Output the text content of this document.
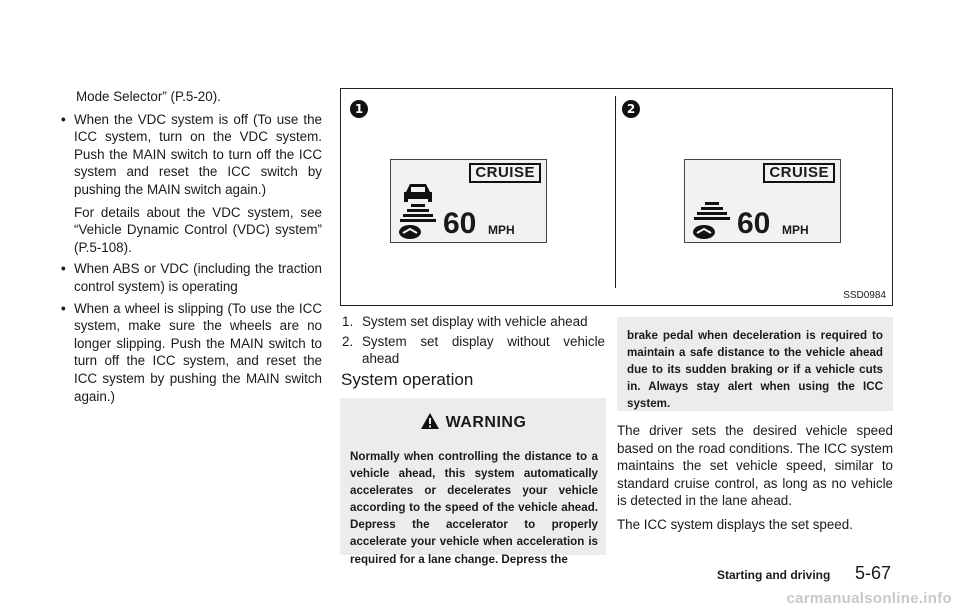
Mode Selector” (P.5-20).

• When the VDC system is off (To use the ICC system, turn on the VDC system. Push the MAIN switch to turn off the ICC system and reset the ICC switch by pushing the MAIN switch again.)
For details about the VDC system, see “Vehicle Dynamic Control (VDC) system” (P.5-108).
• When ABS or VDC (including the traction control system) is operating
• When a wheel is slipping (To use the ICC system, make sure the wheels are no longer slipping. Push the MAIN switch to turn off the ICC system, and reset the ICC system by pushing the MAIN switch again.)
1	2
CRUISE
60 MPH
CRUISE
60 MPH
SSD0984
1. System set display with vehicle ahead
2. System set display without vehicle ahead
System operation
WARNING
Normally when controlling the distance to a vehicle ahead, this system automatically accelerates or decelerates your vehicle according to the speed of the vehicle ahead. Depress the accelerator to properly accelerate your vehicle when acceleration is required for a lane change. Depress the
brake pedal when deceleration is required to maintain a safe distance to the vehicle ahead due to its sudden braking or if a vehicle cuts in. Always stay alert when using the ICC system.

The driver sets the desired vehicle speed based on the road conditions. The ICC system maintains the set vehicle speed, similar to standard cruise control, as long as no vehicle is detected in the lane ahead.

The ICC system displays the set speed.

Starting and driving 5-67
carmanualsonline.info
